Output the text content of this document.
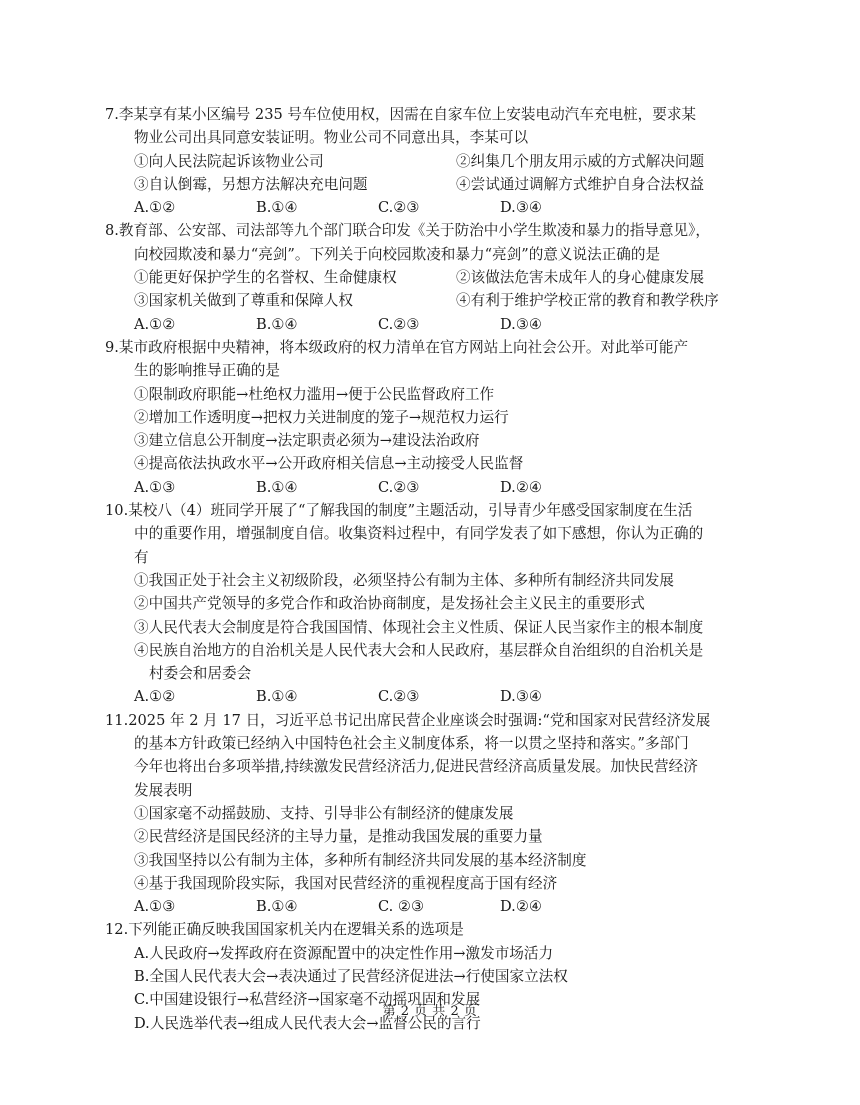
7.李某享有某小区编号 235 号车位使用权，因需在自家车位上安装电动汽车充电桩，要求某
物业公司出具同意安装证明。物业公司不同意出具，李某可以
①向人民法院起诉该物业公司	②纠集几个朋友用示威的方式解决问题
③自认倒霉，另想方法解决充电问题	④尝试通过调解方式维护自身合法权益
A.①②	B.①④	C.②③	D.③④
8.教育部、公安部、司法部等九个部门联合印发《关于防治中小学生欺凌和暴力的指导意见》，
向校园欺凌和暴力“亮剑”。下列关于向校园欺凌和暴力“亮剑”的意义说法正确的是
①能更好保护学生的名誉权、生命健康权	②该做法危害未成年人的身心健康发展
③国家机关做到了尊重和保障人权	④有利于维护学校正常的教育和教学秩序
A.①②	B.①④	C.②③	D.③④
9.某市政府根据中央精神，将本级政府的权力清单在官方网站上向社会公开。对此举可能产
生的影响推导正确的是
①限制政府职能→杜绝权力滥用→便于公民监督政府工作
②增加工作透明度→把权力关进制度的笼子→规范权力运行
③建立信息公开制度→法定职责必须为→建设法治政府
④提高依法执政水平→公开政府相关信息→主动接受人民监督
A.①③	B.①④	C.②③	D.②④
10.某校八（4）班同学开展了“了解我国的制度”主题活动，引导青少年感受国家制度在生活
中的重要作用，增强制度自信。收集资料过程中，有同学发表了如下感想，你认为正确的
有
①我国正处于社会主义初级阶段，必须坚持公有制为主体、多种所有制经济共同发展
②中国共产党领导的多党合作和政治协商制度，是发扬社会主义民主的重要形式
③人民代表大会制度是符合我国国情、体现社会主义性质、保证人民当家作主的根本制度
④民族自治地方的自治机关是人民代表大会和人民政府，基层群众自治组织的自治机关是
村委会和居委会
A.①②	B.①④	C.②③	D.③④
11.2025 年 2 月 17 日，习近平总书记出席民营企业座谈会时强调:“党和国家对民营经济发展
的基本方针政策已经纳入中国特色社会主义制度体系，将一以贯之坚持和落实。”多部门
今年也将出台多项举措,持续激发民营经济活力,促进民营经济高质量发展。加快民营经济
发展表明
①国家毫不动摇鼓励、支持、引导非公有制经济的健康发展
②民营经济是国民经济的主导力量，是推动我国发展的重要力量
③我国坚持以公有制为主体，多种所有制经济共同发展的基本经济制度
④基于我国现阶段实际，我国对民营经济的重视程度高于国有经济
A.①③	B.①④	C. ②③	D.②④
12.下列能正确反映我国国家机关内在逻辑关系的选项是
A.人民政府→发挥政府在资源配置中的决定性作用→激发市场活力
B.全国人民代表大会→表决通过了民营经济促进法→行使国家立法权
C.中国建设银行→私营经济→国家毫不动摇巩固和发展
D.人民选举代表→组成人民代表大会→监督公民的言行
第 2 页 共 2 页
